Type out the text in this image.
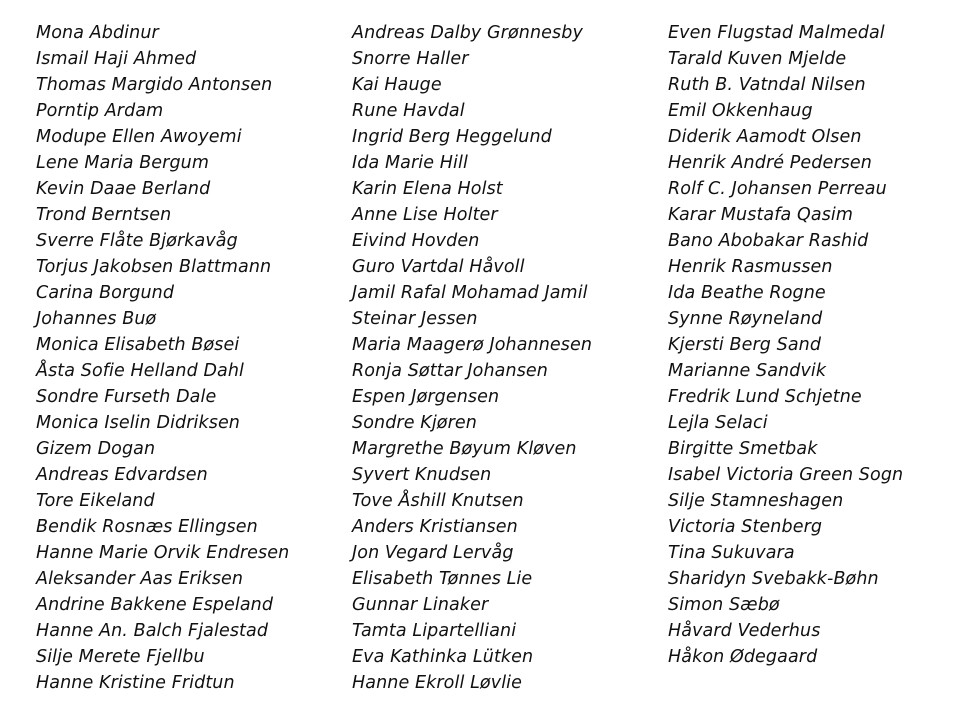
Mona Abdinur
Ismail Haji Ahmed
Thomas Margido Antonsen
Porntip Ardam
Modupe Ellen Awoyemi
Lene Maria Bergum
Kevin Daae Berland
Trond Berntsen
Sverre Flåte Bjørkavåg
Torjus Jakobsen Blattmann
Carina Borgund
Johannes Buø
Monica Elisabeth Bøsei
Åsta Sofie Helland Dahl
Sondre Furseth Dale
Monica Iselin Didriksen
Gizem Dogan
Andreas Edvardsen
Tore Eikeland
Bendik Rosnæs Ellingsen
Hanne Marie Orvik Endresen
Aleksander Aas Eriksen
Andrine Bakkene Espeland
Hanne An. Balch Fjalestad
Silje Merete Fjellbu
Hanne Kristine Fridtun
Andreas Dalby Grønnesby
Snorre Haller
Kai Hauge
Rune Havdal
Ingrid Berg Heggelund
Ida Marie Hill
Karin Elena Holst
Anne Lise Holter
Eivind Hovden
Guro Vartdal Håvoll
Jamil Rafal Mohamad Jamil
Steinar Jessen
Maria Maagerø Johannesen
Ronja Søttar Johansen
Espen Jørgensen
Sondre Kjøren
Margrethe Bøyum Kløven
Syvert Knudsen
Tove Åshill Knutsen
Anders Kristiansen
Jon Vegard Lervåg
Elisabeth Tønnes Lie
Gunnar Linaker
Tamta Lipartelliani
Eva Kathinka Lütken
Hanne Ekroll Løvlie
Even Flugstad Malmedal
Tarald Kuven Mjelde
Ruth B. Vatndal Nilsen
Emil Okkenhaug
Diderik Aamodt Olsen
Henrik André Pedersen
Rolf C. Johansen Perreau
Karar Mustafa Qasim
Bano Abobakar Rashid
Henrik Rasmussen
Ida Beathe Rogne
Synne Røyneland
Kjersti Berg Sand
Marianne Sandvik
Fredrik Lund Schjetne
Lejla Selaci
Birgitte Smetbak
Isabel Victoria Green Sogn
Silje Stamneshagen
Victoria Stenberg
Tina Sukuvara
Sharidyn Svebakk-Bøhn
Simon Sæbø
Håvard Vederhus
Håkon Ødegaard
